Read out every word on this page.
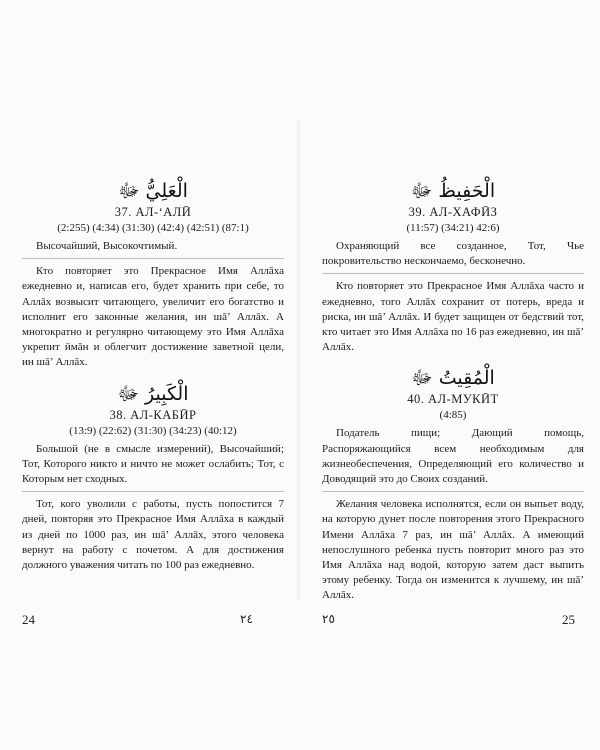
الْعَلِيُّ ﷻ
37. АЛ-‘АЛӢ
(2:255) (4:34) (31:30) (42:4) (42:51) (87:1)

Высочайший, Высокочтимый.

Кто повторяет это Прекрасное Имя Аллāха ежедневно и, написав его, будет хранить при себе, то Аллāх возвысит читающего, увеличит его богатство и исполнит его законные желания, ин шā’ Аллāх. А многократно и регулярно читающему это Имя Аллāха укрепит ӣмāн и облегчит достижение заветной цели, ин шā’ Аллāх.

الْكَبِيرُ ﷻ
38. АЛ-КАБӢР
(13:9) (22:62) (31:30) (34:23) (40:12)

Большой (не в смысле измерений), Высочайший; Тот, Которого никто и ничто не может ослабить; Тот, с Которым нет сходных.

Тот, кого уволили с работы, пусть попостится 7 дней, повторяя это Прекрасное Имя Аллāха в каждый из дней по 1000 раз, ин шā’ Аллāх, этого человека вернут на работу с почетом. А для достижения должного уважения читать по 100 раз ежедневно.

24	٢٤
الْحَفِيظُ ﷻ
39. АЛ-ХАФӢЗ
(11:57) (34:21) 42:6)

Охраняющий все созданное, Тот, Чье покровительство нескончаемо, бесконечно.

Кто повторяет это Прекрасное Имя Аллāха часто и ежедневно, того Аллāх сохранит от потерь, вреда и риска, ин шā’ Аллāх. И будет защищен от бедствий тот, кто читает это Имя Аллāха по 16 раз ежедневно, ин шā’ Аллāх.

الْمُقِيتُ ﷻ
40. АЛ-МУКӢТ
(4:85)

Податель пищи; Дающий помощь, Распоряжающийся всем необходимым для жизнеобеспечения, Определяющий его количество и Доводящий это до Своих созданий.

Желания человека исполнятся, если он выпьет воду, на которую дунет после повторения этого Прекрасного Имени Аллāха 7 раз, ин шā’ Аллāх. А имеющий непослушного ребенка пусть повторит много раз это Имя Аллāха над водой, которую затем даст выпить этому ребенку. Тогда он изменится к лучшему, ин шā’ Аллāх.

٢٥	25
